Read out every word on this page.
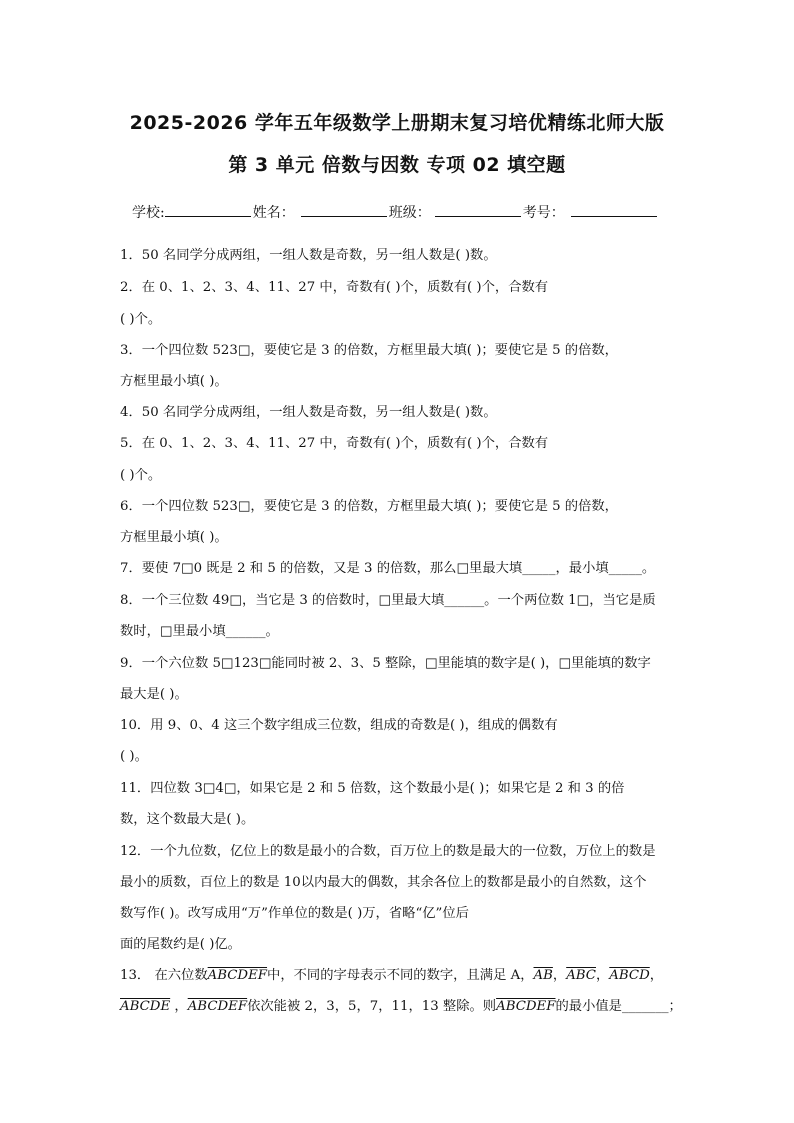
2025-2026 学年五年级数学上册期末复习培优精练北师大版
第 3 单元 倍数与因数 专项 02 填空题
学校:	姓名：	班级：	考号：
1．50 名同学分成两组，一组人数是奇数，另一组人数是( )数。
2．在 0、1、2、3、4、11、27 中，奇数有( )个，质数有( )个，合数有
( )个。
3．一个四位数 523□，要使它是 3 的倍数，方框里最大填( )；要使它是 5 的倍数，
方框里最小填( )。
4．50 名同学分成两组，一组人数是奇数，另一组人数是( )数。
5．在 0、1、2、3、4、11、27 中，奇数有( )个，质数有( )个，合数有
( )个。
6．一个四位数 523□，要使它是 3 的倍数，方框里最大填( )；要使它是 5 的倍数，
方框里最小填( )。
7．要使 7□0 既是 2 和 5 的倍数，又是 3 的倍数，那么□里最大填_____，最小填_____。
8．一个三位数 49□，当它是 3 的倍数时，□里最大填______。一个两位数 1□，当它是质
数时，□里最小填______。
9．一个六位数 5□123□能同时被 2、3、5 整除，□里能填的数字是( )，□里能填的数字
最大是( )。
10．用 9、0、4 这三个数字组成三位数，组成的奇数是( )，组成的偶数有
( )。
11．四位数 3□4□，如果它是 2 和 5 倍数，这个数最小是( )；如果它是 2 和 3 的倍
数，这个数最大是( )。
12．一个九位数，亿位上的数是最小的合数，百万位上的数是最大的一位数，万位上的数是
最小的质数，百位上的数是 10以内最大的偶数，其余各位上的数都是最小的自然数，这个
数写作( )。改写成用“万”作单位的数是( )万，省略“亿”位后
面的尾数约是( )亿。
13． 在六位数ABCDEF中，不同的字母表示不同的数字，且满足 A，$\overline{AB}$，$\overline{ABC}$，ABCD，
ABCDE ，ABCDEF依次能被 2，3，5，7，11，13 整除。则ABCDEF的最小值是_______；
